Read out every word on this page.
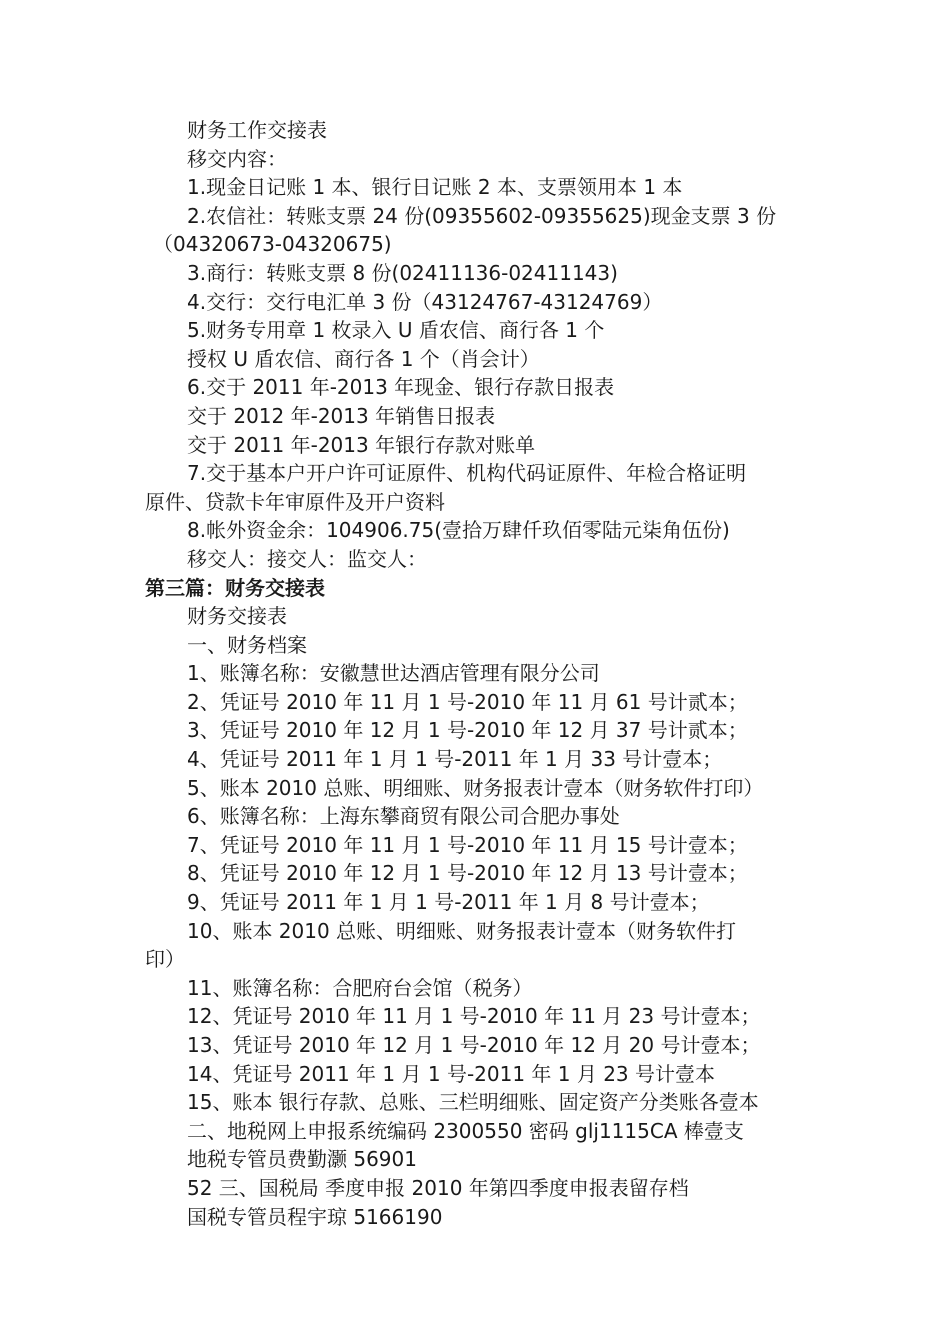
财务工作交接表
移交内容：
1.现金日记账 1 本、银行日记账 2 本、支票领用本 1 本
2.农信社：转账支票 24 份(09355602-09355625)现金支票 3 份
（04320673-04320675)
3.商行：转账支票 8 份(02411136-02411143)
4.交行：交行电汇单 3 份（43124767-43124769）
5.财务专用章 1 枚录入 U 盾农信、商行各 1 个
授权 U 盾农信、商行各 1 个（肖会计）
6.交于 2011 年-2013 年现金、银行存款日报表
交于 2012 年-2013 年销售日报表
交于 2011 年-2013 年银行存款对账单
7.交于基本户开户许可证原件、机构代码证原件、年检合格证明
原件、贷款卡年审原件及开户资料
8.帐外资金余：104906.75(壹拾万肆仟玖佰零陆元柒角伍份)
移交人：接交人：监交人：
第三篇：财务交接表
财务交接表
一、财务档案
1、账簿名称：安徽慧世达酒店管理有限分公司
2、凭证号 2010 年 11 月 1 号-2010 年 11 月 61 号计贰本；
3、凭证号 2010 年 12 月 1 号-2010 年 12 月 37 号计贰本；
4、凭证号 2011 年 1 月 1 号-2011 年 1 月 33 号计壹本；
5、账本 2010 总账、明细账、财务报表计壹本（财务软件打印）
6、账簿名称：上海东攀商贸有限公司合肥办事处
7、凭证号 2010 年 11 月 1 号-2010 年 11 月 15 号计壹本；
8、凭证号 2010 年 12 月 1 号-2010 年 12 月 13 号计壹本；
9、凭证号 2011 年 1 月 1 号-2011 年 1 月 8 号计壹本；
10、账本 2010 总账、明细账、财务报表计壹本（财务软件打
印）
11、账簿名称：合肥府台会馆（税务）
12、凭证号 2010 年 11 月 1 号-2010 年 11 月 23 号计壹本；
13、凭证号 2010 年 12 月 1 号-2010 年 12 月 20 号计壹本；
14、凭证号 2011 年 1 月 1 号-2011 年 1 月 23 号计壹本
15、账本 银行存款、总账、三栏明细账、固定资产分类账各壹本
二、地税网上申报系统编码 2300550 密码 glj1115CA 棒壹支
地税专管员费勤灏 56901
52 三、国税局 季度申报 2010 年第四季度申报表留存档
国税专管员程宇琼 5166190
